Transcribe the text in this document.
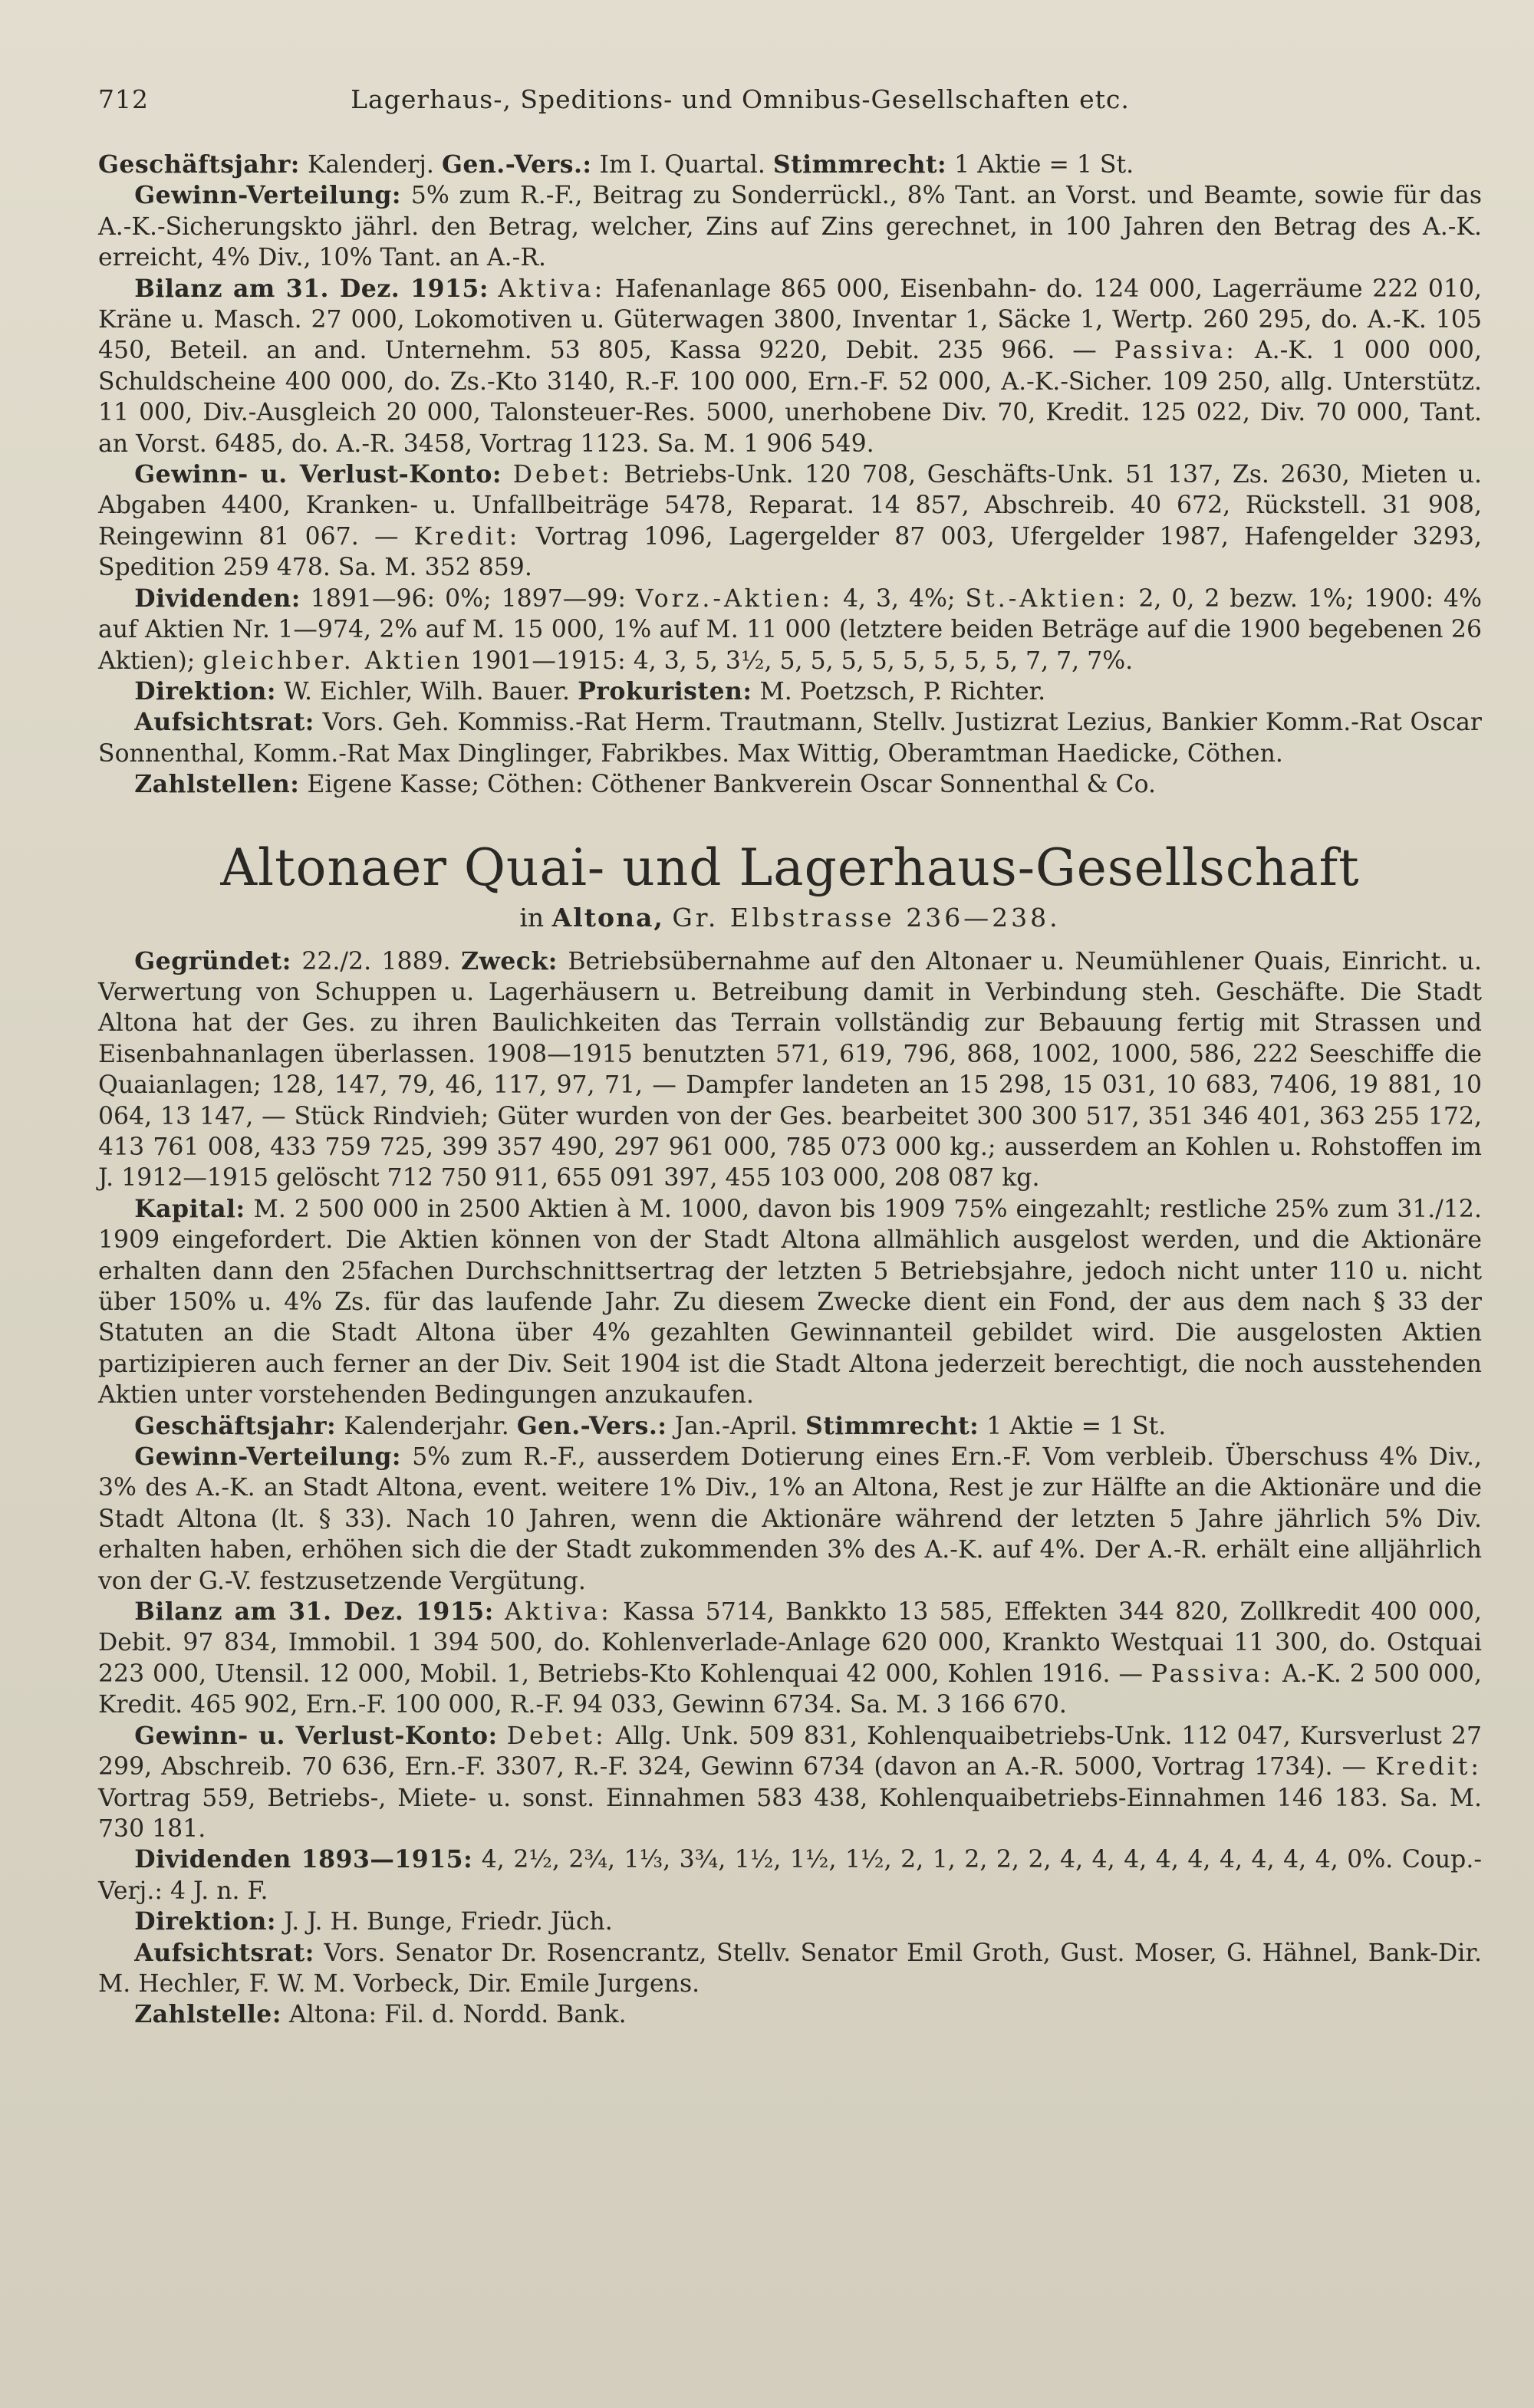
712	Lagerhaus-, Speditions- und Omnibus-Gesellschaften etc.

Geschäftsjahr: Kalenderj. Gen.-Vers.: Im I. Quartal. Stimmrecht: 1 Aktie = 1 St.

Gewinn-Verteilung: 5% zum R.-F., Beitrag zu Sonderrückl., 8% Tant. an Vorst. und Beamte, sowie für das A.-K.-Sicherungskto jährl. den Betrag, welcher, Zins auf Zins gerechnet, in 100 Jahren den Betrag des A.-K. erreicht, 4% Div., 10% Tant. an A.-R.

Bilanz am 31. Dez. 1915: Aktiva: Hafenanlage 865 000, Eisenbahn- do. 124 000, Lagerräume 222 010, Kräne u. Masch. 27 000, Lokomotiven u. Güterwagen 3800, Inventar 1, Säcke 1, Wertp. 260 295, do. A.-K. 105 450, Beteil. an and. Unternehm. 53 805, Kassa 9220, Debit. 235 966. — Passiva: A.-K. 1 000 000, Schuldscheine 400 000, do. Zs.-Kto 3140, R.-F. 100 000, Ern.-F. 52 000, A.-K.-Sicher. 109 250, allg. Unterstütz. 11 000, Div.-Ausgleich 20 000, Talonsteuer-Res. 5000, unerhobene Div. 70, Kredit. 125 022, Div. 70 000, Tant. an Vorst. 6485, do. A.-R. 3458, Vortrag 1123. Sa. M. 1 906 549.

Gewinn- u. Verlust-Konto: Debet: Betriebs-Unk. 120 708, Geschäfts-Unk. 51 137, Zs. 2630, Mieten u. Abgaben 4400, Kranken- u. Unfallbeiträge 5478, Reparat. 14 857, Abschreib. 40 672, Rückstell. 31 908, Reingewinn 81 067. — Kredit: Vortrag 1096, Lagergelder 87 003, Ufergelder 1987, Hafengelder 3293, Spedition 259 478. Sa. M. 352 859.

Dividenden: 1891—96: 0%; 1897—99: Vorz.-Aktien: 4, 3, 4%; St.-Aktien: 2, 0, 2 bezw. 1%; 1900: 4% auf Aktien Nr. 1—974, 2% auf M. 15 000, 1% auf M. 11 000 (letztere beiden Beträge auf die 1900 begebenen 26 Aktien); gleichber. Aktien 1901—1915: 4, 3, 5, 3½, 5, 5, 5, 5, 5, 5, 5, 5, 7, 7, 7%.

Direktion: W. Eichler, Wilh. Bauer. Prokuristen: M. Poetzsch, P. Richter.

Aufsichtsrat: Vors. Geh. Kommiss.-Rat Herm. Trautmann, Stellv. Justizrat Lezius, Bankier Komm.-Rat Oscar Sonnenthal, Komm.-Rat Max Dinglinger, Fabrikbes. Max Wittig, Oberamtman Haedicke, Cöthen.

Zahlstellen: Eigene Kasse; Cöthen: Cöthener Bankverein Oscar Sonnenthal & Co.

Altonaer Quai- und Lagerhaus-Gesellschaft
in Altona, Gr. Elbstrasse 236—238.

Gegründet: 22./2. 1889. Zweck: Betriebsübernahme auf den Altonaer u. Neumühlener Quais, Einricht. u. Verwertung von Schuppen u. Lagerhäusern u. Betreibung damit in Verbindung steh. Geschäfte. Die Stadt Altona hat der Ges. zu ihren Baulichkeiten das Terrain vollständig zur Bebauung fertig mit Strassen und Eisenbahnanlagen überlassen. 1908—1915 benutzten 571, 619, 796, 868, 1002, 1000, 586, 222 Seeschiffe die Quaianlagen; 128, 147, 79, 46, 117, 97, 71, — Dampfer landeten an 15 298, 15 031, 10 683, 7406, 19 881, 10 064, 13 147, — Stück Rindvieh; Güter wurden von der Ges. bearbeitet 300 300 517, 351 346 401, 363 255 172, 413 761 008, 433 759 725, 399 357 490, 297 961 000, 785 073 000 kg.; ausserdem an Kohlen u. Rohstoffen im J. 1912—1915 gelöscht 712 750 911, 655 091 397, 455 103 000, 208 087 kg.

Kapital: M. 2 500 000 in 2500 Aktien à M. 1000, davon bis 1909 75% eingezahlt; restliche 25% zum 31./12. 1909 eingefordert. Die Aktien können von der Stadt Altona allmählich ausgelost werden, und die Aktionäre erhalten dann den 25fachen Durchschnittsertrag der letzten 5 Betriebsjahre, jedoch nicht unter 110 u. nicht über 150% u. 4% Zs. für das laufende Jahr. Zu diesem Zwecke dient ein Fond, der aus dem nach § 33 der Statuten an die Stadt Altona über 4% gezahlten Gewinnanteil gebildet wird. Die ausgelosten Aktien partizipieren auch ferner an der Div. Seit 1904 ist die Stadt Altona jederzeit berechtigt, die noch ausstehenden Aktien unter vorstehenden Bedingungen anzukaufen.

Geschäftsjahr: Kalenderjahr. Gen.-Vers.: Jan.-April. Stimmrecht: 1 Aktie = 1 St.

Gewinn-Verteilung: 5% zum R.-F., ausserdem Dotierung eines Ern.-F. Vom verbleib. Überschuss 4% Div., 3% des A.-K. an Stadt Altona, event. weitere 1% Div., 1% an Altona, Rest je zur Hälfte an die Aktionäre und die Stadt Altona (lt. § 33). Nach 10 Jahren, wenn die Aktionäre während der letzten 5 Jahre jährlich 5% Div. erhalten haben, erhöhen sich die der Stadt zukommenden 3% des A.-K. auf 4%. Der A.-R. erhält eine alljährlich von der G.-V. festzusetzende Vergütung.

Bilanz am 31. Dez. 1915: Aktiva: Kassa 5714, Bankkto 13 585, Effekten 344 820, Zollkredit 400 000, Debit. 97 834, Immobil. 1 394 500, do. Kohlenverlade-Anlage 620 000, Krankto Westquai 11 300, do. Ostquai 223 000, Utensil. 12 000, Mobil. 1, Betriebs-Kto Kohlenquai 42 000, Kohlen 1916. — Passiva: A.-K. 2 500 000, Kredit. 465 902, Ern.-F. 100 000, R.-F. 94 033, Gewinn 6734. Sa. M. 3 166 670.

Gewinn- u. Verlust-Konto: Debet: Allg. Unk. 509 831, Kohlenquaibetriebs-Unk. 112 047, Kursverlust 27 299, Abschreib. 70 636, Ern.-F. 3307, R.-F. 324, Gewinn 6734 (davon an A.-R. 5000, Vortrag 1734). — Kredit: Vortrag 559, Betriebs-, Miete- u. sonst. Einnahmen 583 438, Kohlenquaibetriebs-Einnahmen 146 183. Sa. M. 730 181.

Dividenden 1893—1915: 4, 2½, 2¾, 1⅓, 3¾, 1½, 1½, 1½, 2, 1, 2, 2, 2, 4, 4, 4, 4, 4, 4, 4, 4, 4, 0%. Coup.-Verj.: 4 J. n. F.

Direktion: J. J. H. Bunge, Friedr. Jüch.

Aufsichtsrat: Vors. Senator Dr. Rosencrantz, Stellv. Senator Emil Groth, Gust. Moser, G. Hähnel, Bank-Dir. M. Hechler, F. W. M. Vorbeck, Dir. Emile Jurgens.

Zahlstelle: Altona: Fil. d. Nordd. Bank.
